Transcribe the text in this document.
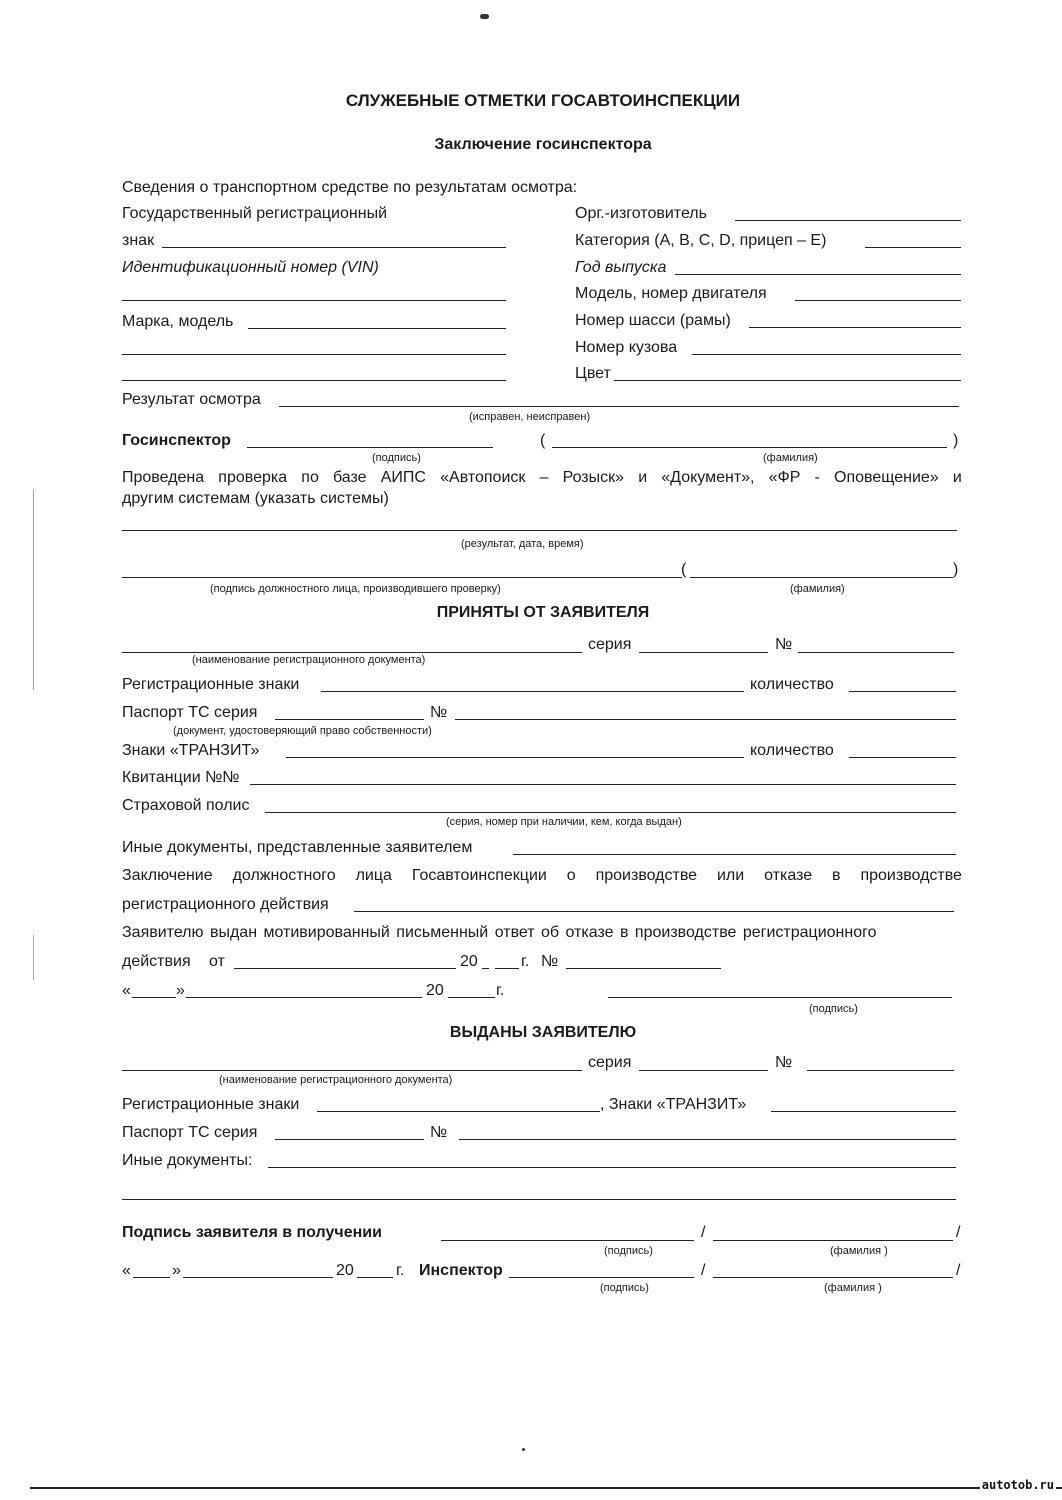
СЛУЖЕБНЫЕ ОТМЕТКИ ГОСАВТОИНСПЕКЦИИ
Заключение госинспектора
Сведения о транспортном средстве по результатам осмотра:
Государственный регистрационный
знак
Идентификационный номер (VIN)
Марка, модель
Орг.-изготовитель
Категория (А, В, С, D, прицеп – Е)
Год выпуска
Модель, номер двигателя
Номер шасси (рамы)
Номер кузова
Цвет
Результат осмотра
(исправен, неисправен)
Госинспектор	(	)
(подпись)	(фамилия)
Проведена проверка по базе АИПС «Автопоиск – Розыск» и «Документ», «ФР - Оповещение» и
другим системам (указать системы)
(результат, дата, время)
(	)
(подпись должностного лица, производившего проверку)	(фамилия)
ПРИНЯТЫ ОТ ЗАЯВИТЕЛЯ
серия	№
(наименование регистрационного документа)
Регистрационные знаки	количество
Паспорт ТС серия	№
(документ, удостоверяющий право собственности)
Знаки «ТРАНЗИТ»	количество
Квитанции №№
Страховой полис
(серия, номер при наличии, кем, когда выдан)
Иные документы, представленные заявителем
Заключение должностного лица Госавтоинспекции о производстве или отказе в производстве
регистрационного действия
Заявителю выдан мотивированный письменный ответ об отказе в производстве регистрационного
действия от	20	г. №
«	»	20	г.
(подпись)
ВЫДАНЫ ЗАЯВИТЕЛЮ
серия	№
(наименование регистрационного документа)
Регистрационные знаки	, Знаки «ТРАНЗИТ»
Паспорт ТС серия	№
Иные документы:
Подпись заявителя в получении	/	/
(подпись)	(фамилия )
«	»	20	г. Инспектор	/	/
(подпись)	(фамилия )
autotob.ru
